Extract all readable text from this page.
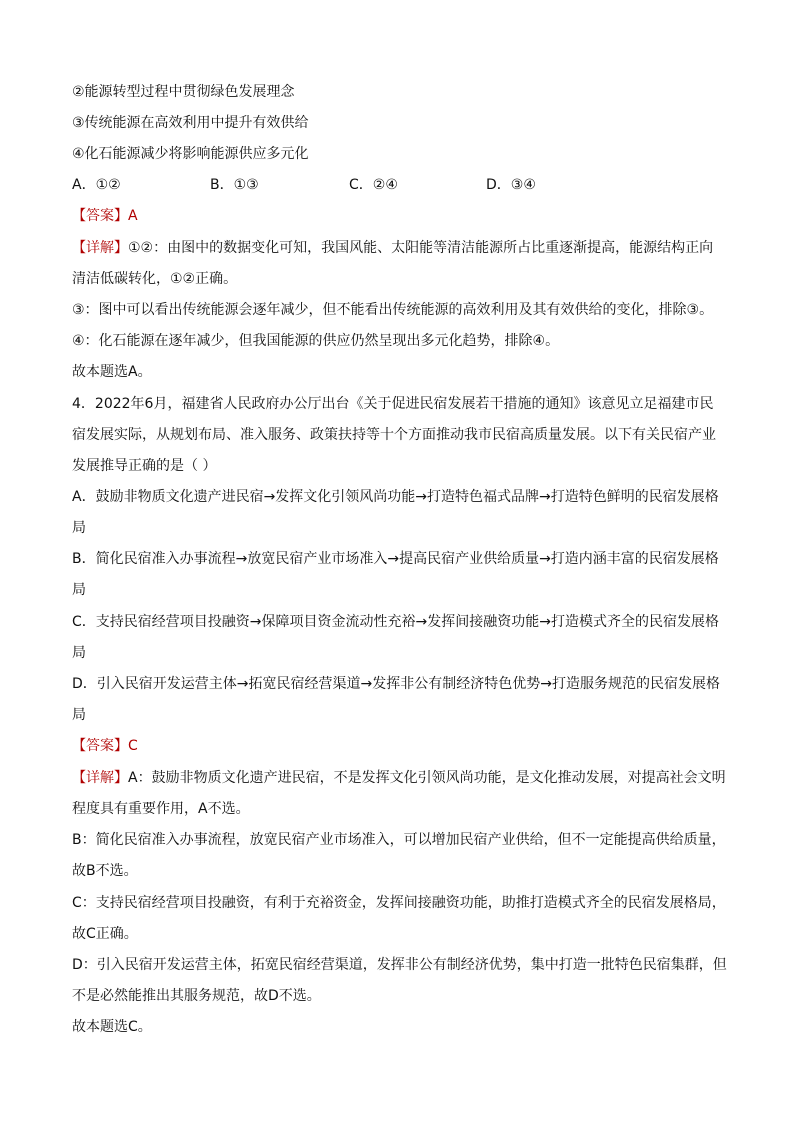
②能源转型过程中贯彻绿色发展理念
③传统能源在高效利用中提升有效供给
④化石能源减少将影响能源供应多元化
A．①②	B．①③	C．②④	D．③④
【答案】A
【详解】①②：由图中的数据变化可知，我国风能、太阳能等清洁能源所占比重逐渐提高，能源结构正向
清洁低碳转化，①②正确。
③：图中可以看出传统能源会逐年减少，但不能看出传统能源的高效利用及其有效供给的变化，排除③。
④：化石能源在逐年减少，但我国能源的供应仍然呈现出多元化趋势，排除④。
故本题选A。
4．2022年6月，福建省人民政府办公厅出台《关于促进民宿发展若干措施的通知》该意见立足福建市民
宿发展实际，从规划布局、准入服务、政策扶持等十个方面推动我市民宿高质量发展。以下有关民宿产业
发展推导正确的是（ ）
A．鼓励非物质文化遗产进民宿→发挥文化引领风尚功能→打造特色福式品牌→打造特色鲜明的民宿发展格
局
B．简化民宿准入办事流程→放宽民宿产业市场准入→提高民宿产业供给质量→打造内涵丰富的民宿发展格
局
C．支持民宿经营项目投融资→保障项目资金流动性充裕→发挥间接融资功能→打造模式齐全的民宿发展格
局
D．引入民宿开发运营主体→拓宽民宿经营渠道→发挥非公有制经济特色优势→打造服务规范的民宿发展格
局
【答案】C
【详解】A：鼓励非物质文化遗产进民宿，不是发挥文化引领风尚功能，是文化推动发展，对提高社会文明
程度具有重要作用，A不选。
B：简化民宿准入办事流程，放宽民宿产业市场准入，可以增加民宿产业供给，但不一定能提高供给质量，
故B不选。
C：支持民宿经营项目投融资，有利于充裕资金，发挥间接融资功能，助推打造模式齐全的民宿发展格局，
故C正确。
D：引入民宿开发运营主体，拓宽民宿经营渠道，发挥非公有制经济优势，集中打造一批特色民宿集群，但
不是必然能推出其服务规范，故D不选。
故本题选C。
